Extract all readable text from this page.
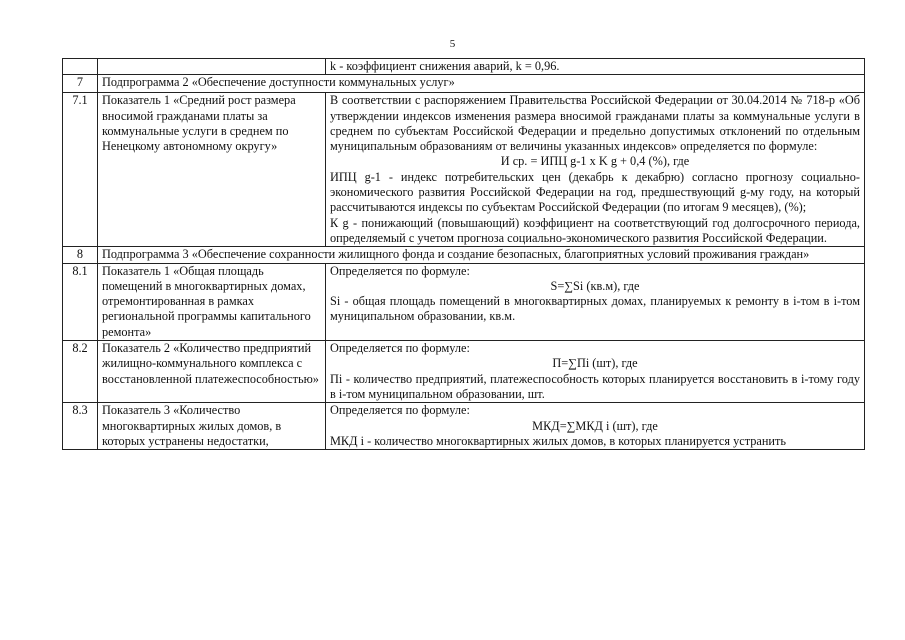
5
		k - коэффициент снижения аварий, k = 0,96.
7	Подпрограмма 2 «Обеспечение доступности коммунальных услуг»	
7.1	Показатель 1 «Средний рост размера вносимой гражданами платы за коммунальные услуги в среднем по Ненецкому автономному округу»	В соответствии с распоряжением Правительства Российской Федерации от 30.04.2014 № 718-р «Об утверждении индексов изменения размера вносимой гражданами платы за коммунальные услуги в среднем по субъектам Российской Федерации и предельно допустимых отклонений по отдельным муниципальным образованиям от величины указанных индексов» определяется по формуле:
И ср. = ИПЦ g-1 x K g + 0,4 (%), где
ИПЦ g-1 - индекс потребительских цен (декабрь к декабрю) согласно прогнозу социально-экономического развития Российской Федерации на год, предшествующий g-му году, на который рассчитываются индексы по субъектам Российской Федерации (по итогам 9 месяцев), (%);
К g - понижающий (повышающий) коэффициент на соответствующий год долгосрочного периода, определяемый с учетом прогноза социально-экономического развития Российской Федерации.

8	Подпрограмма 3 «Обеспечение сохранности жилищного фонда и создание безопасных, благоприятных условий проживания граждан»	
8.1	Показатель 1 «Общая площадь помещений в многоквартирных домах, отремонтированная в рамках региональной программы капитального ремонта»	Определяется по формуле:
S=∑Si (кв.м), где
Si - общая площадь помещений в многоквартирных домах, планируемых к ремонту в i-том в i-том муниципальном образовании, кв.м.

8.2	Показатель 2 «Количество предприятий жилищно-коммунального комплекса с восстановленной платежеспособностью»	Определяется по формуле:
П=∑Пi (шт), где
Пi - количество предприятий, платежеспособность которых планируется восстановить в i-тому году в i-том муниципальном образовании, шт.

8.3	Показатель 3 «Количество многоквартирных жилых домов, в которых устранены недостатки,	Определяется по формуле:
МКД=∑МКД i (шт), где
МКД i - количество многоквартирных жилых домов, в которых планируется устранить
